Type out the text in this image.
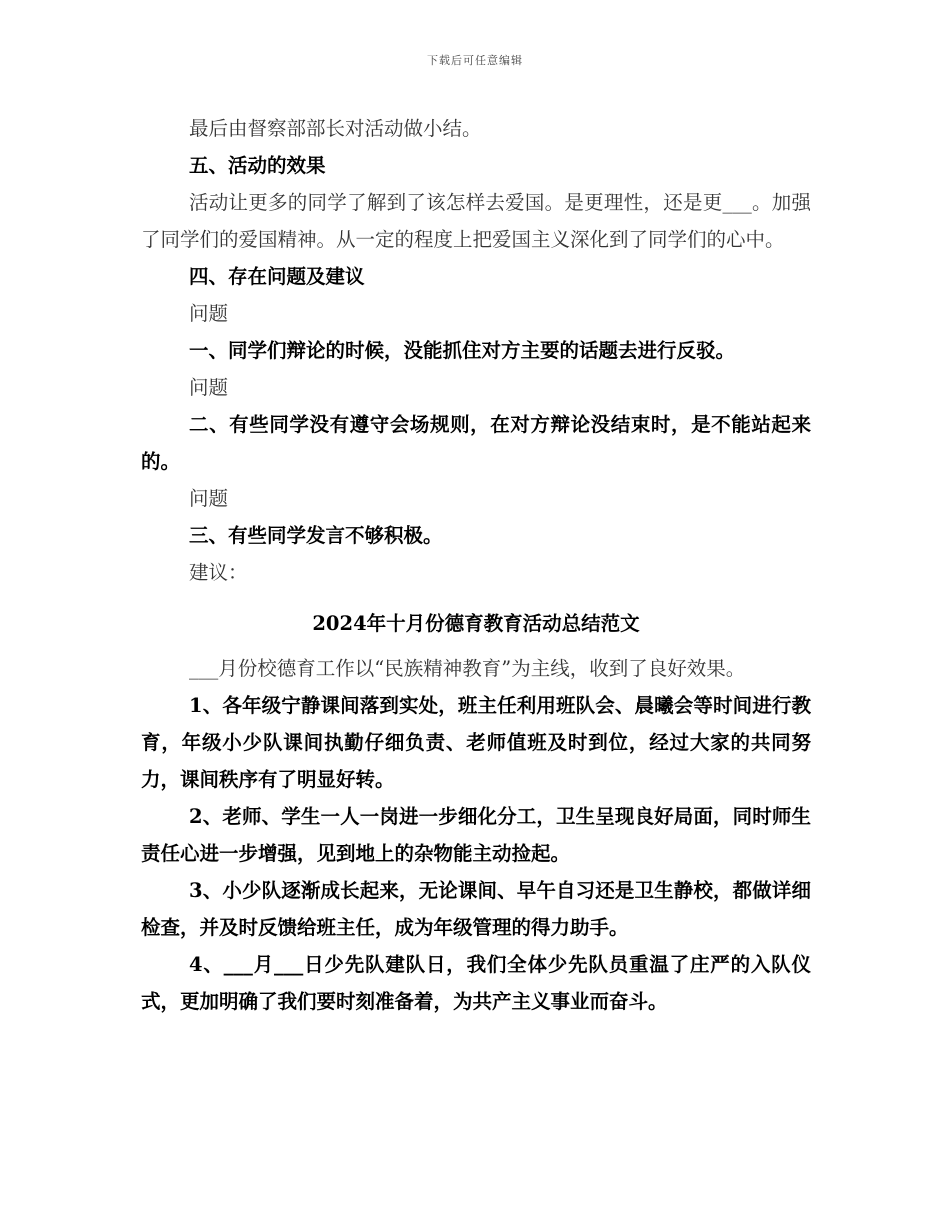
下载后可任意编辑

最后由督察部部长对活动做小结。

五、活动的效果

活动让更多的同学了解到了该怎样去爱国。是更理性，还是更___。加强了同学们的爱国精神。从一定的程度上把爱国主义深化到了同学们的心中。

四、存在问题及建议

问题

一、同学们辩论的时候，没能抓住对方主要的话题去进行反驳。

问题

二、有些同学没有遵守会场规则，在对方辩论没结束时，是不能站起来的。

问题

三、有些同学发言不够积极。

建议：

2024年十月份德育教育活动总结范文

___月份校德育工作以“民族精神教育”为主线，收到了良好效果。

1、各年级宁静课间落到实处，班主任利用班队会、晨曦会等时间进行教育，年级小少队课间执勤仔细负责、老师值班及时到位，经过大家的共同努力，课间秩序有了明显好转。

2、老师、学生一人一岗进一步细化分工，卫生呈现良好局面，同时师生责任心进一步增强，见到地上的杂物能主动捡起。

3、小少队逐渐成长起来，无论课间、早午自习还是卫生静校，都做详细检查，并及时反馈给班主任，成为年级管理的得力助手。

4、___月___日少先队建队日，我们全体少先队员重温了庄严的入队仪式，更加明确了我们要时刻准备着，为共产主义事业而奋斗。
